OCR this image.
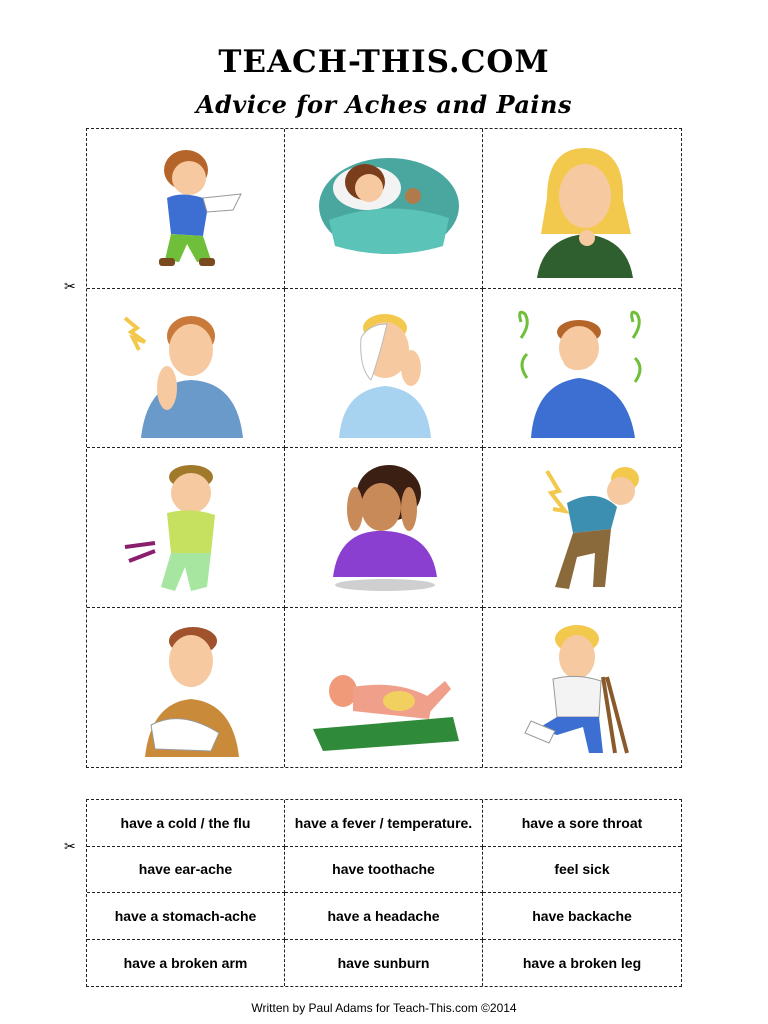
TEACH-THIS.COM
Advice for Aches and Pains
✂
have a cold / the flu	have a fever / temperature.	have a sore throat
have ear-ache	have toothache	feel sick
have a stomach-ache	have a headache	have backache
have a broken arm	have sunburn	have a broken leg
✂
Written by Paul Adams for Teach-This.com ©2014
